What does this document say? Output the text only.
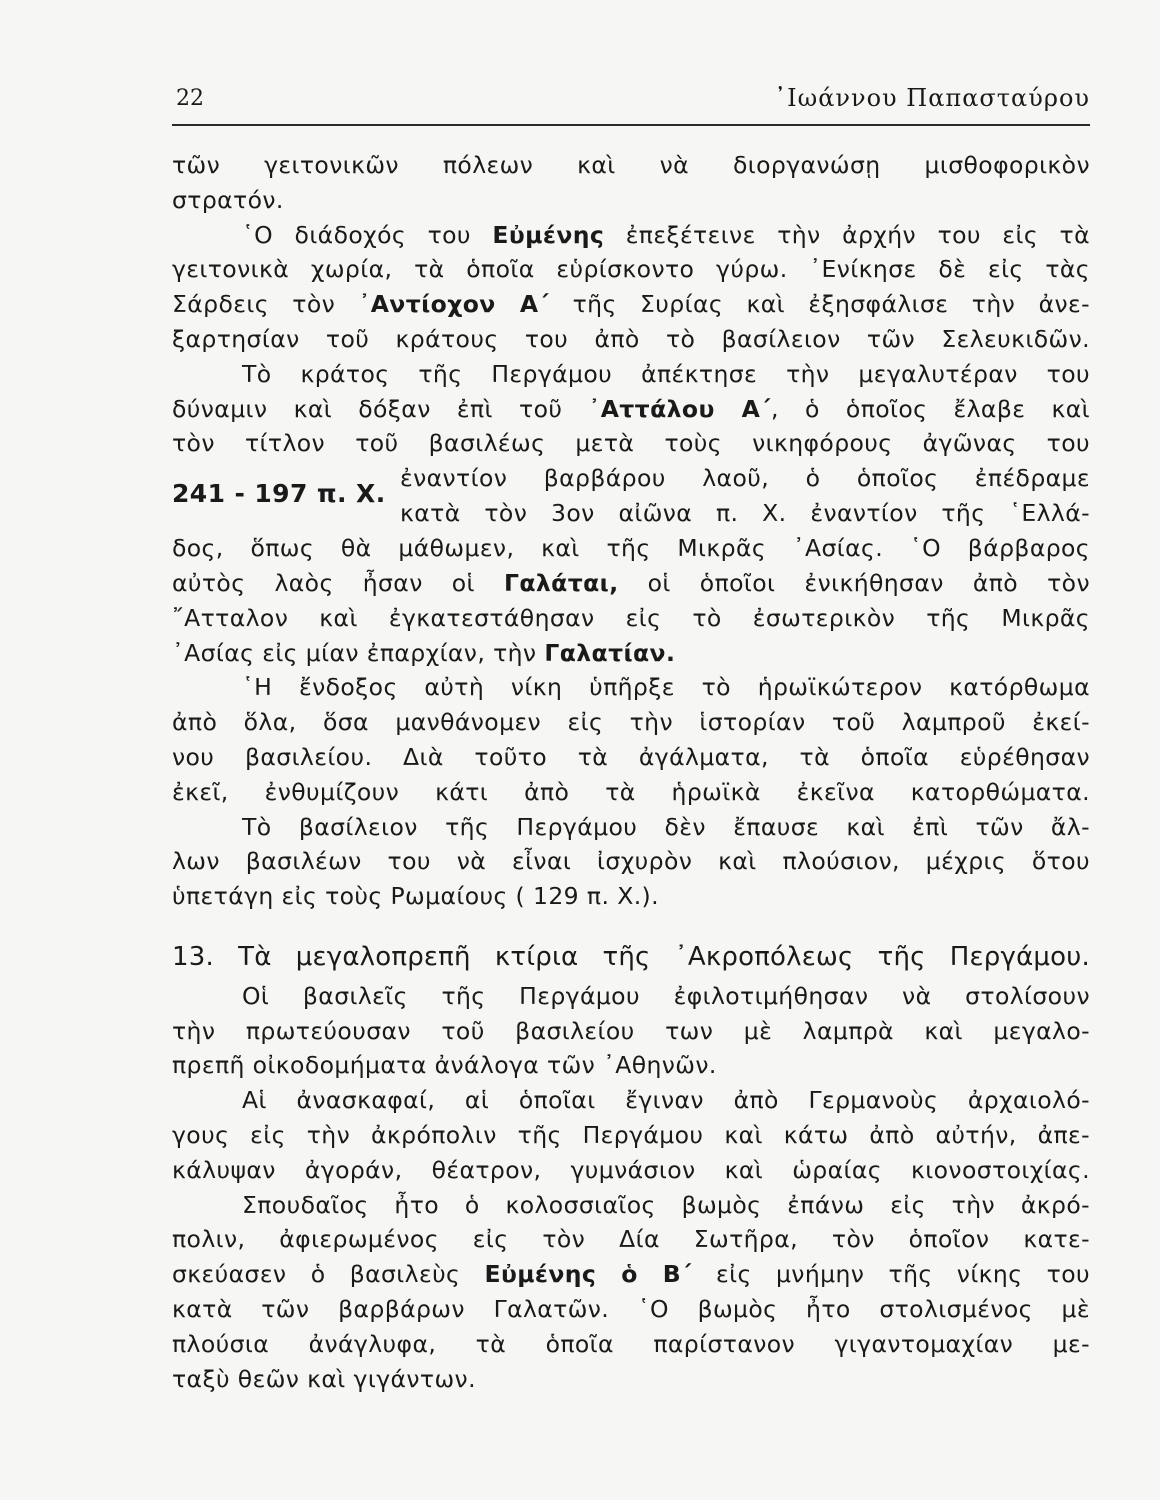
22	᾿Ιωάννου Παπασταύρου
τῶν γειτονικῶν πόλεων καὶ νὰ διοργανώσῃ μισθοφορικὸν
στρατόν.
῾Ο διάδοχός του Εὐμένης ἐπεξέτεινε τὴν ἀρχήν του εἰς τὰ
γειτονικὰ χωρία, τὰ ὁποῖα εὑρίσκοντο γύρω. ᾿Ενίκησε δὲ εἰς τὰς
Σάρδεις τὸν ᾿Αντίοχον Α΄ τῆς Συρίας καὶ ἐξησφάλισε τὴν ἀνε-
ξαρτησίαν τοῦ κράτους του ἀπὸ τὸ βασίλειον τῶν Σελευκιδῶν.
Τὸ κράτος τῆς Περγάμου ἀπέκτησε τὴν μεγαλυτέραν του
δύναμιν καὶ δόξαν ἐπὶ τοῦ ᾿Αττάλου Α΄, ὁ ὁποῖος ἔλαβε καὶ
τὸν τίτλον τοῦ βασιλέως μετὰ τοὺς νικηφόρους ἀγῶνας του
241 - 197 π. Χ.
ἐναντίον βαρβάρου λαοῦ, ὁ ὁποῖος ἐπέδραμε
κατὰ τὸν 3ον αἰῶνα π. Χ. ἐναντίον τῆς ῾Ελλά-
δος, ὅπως θὰ μάθωμεν, καὶ τῆς Μικρᾶς ᾿Ασίας. ῾Ο βάρβαρος
αὐτὸς λαὸς ἦσαν οἱ Γαλάται, οἱ ὁποῖοι ἐνικήθησαν ἀπὸ τὸν
῎Ατταλον καὶ ἐγκατεστάθησαν εἰς τὸ ἐσωτερικὸν τῆς Μικρᾶς
᾿Ασίας εἰς μίαν ἐπαρχίαν, τὴν Γαλατίαν.
῾Η ἔνδοξος αὐτὴ νίκη ὑπῆρξε τὸ ἡρωϊκώτερον κατόρθωμα
ἀπὸ ὅλα, ὅσα μανθάνομεν εἰς τὴν ἱστορίαν τοῦ λαμπροῦ ἐκεί-
νου βασιλείου. Διὰ τοῦτο τὰ ἀγάλματα, τὰ ὁποῖα εὑρέθησαν
ἐκεῖ, ἐνθυμίζουν κάτι ἀπὸ τὰ ἡρωϊκὰ ἐκεῖνα κατορθώματα.
Τὸ βασίλειον τῆς Περγάμου δὲν ἔπαυσε καὶ ἐπὶ τῶν ἄλ-
λων βασιλέων του νὰ εἶναι ἰσχυρὸν καὶ πλούσιον, μέχρις ὅτου
ὑπετάγη εἰς τοὺς Ρωμαίους ( 129 π. Χ.).
13. Τὰ μεγαλοπρεπῆ κτίρια τῆς ᾿Ακροπόλεως τῆς Περγάμου.
Οἱ βασιλεῖς τῆς Περγάμου ἐφιλοτιμήθησαν νὰ στολίσουν
τὴν πρωτεύουσαν τοῦ βασιλείου των μὲ λαμπρὰ καὶ μεγαλο-
πρεπῆ οἰκοδομήματα ἀνάλογα τῶν ᾿Αθηνῶν.
Αἱ ἀνασκαφαί, αἱ ὁποῖαι ἔγιναν ἀπὸ Γερμανοὺς ἀρχαιολό-
γους εἰς τὴν ἀκρόπολιν τῆς Περγάμου καὶ κάτω ἀπὸ αὐτήν, ἀπε-
κάλυψαν ἀγοράν, θέατρον, γυμνάσιον καὶ ὡραίας κιονοστοιχίας.
Σπουδαῖος ἦτο ὁ κολοσσιαῖος βωμὸς ἐπάνω εἰς τὴν ἀκρό-
πολιν, ἀφιερωμένος εἰς τὸν Δία Σωτῆρα, τὸν ὁποῖον κατε-
σκεύασεν ὁ βασιλεὺς Εὐμένης ὁ Β΄ εἰς μνήμην τῆς νίκης του
κατὰ τῶν βαρβάρων Γαλατῶν. ῾Ο βωμὸς ἦτο στολισμένος μὲ
πλούσια ἀνάγλυφα, τὰ ὁποῖα παρίστανον γιγαντομαχίαν με-
ταξὺ θεῶν καὶ γιγάντων.
